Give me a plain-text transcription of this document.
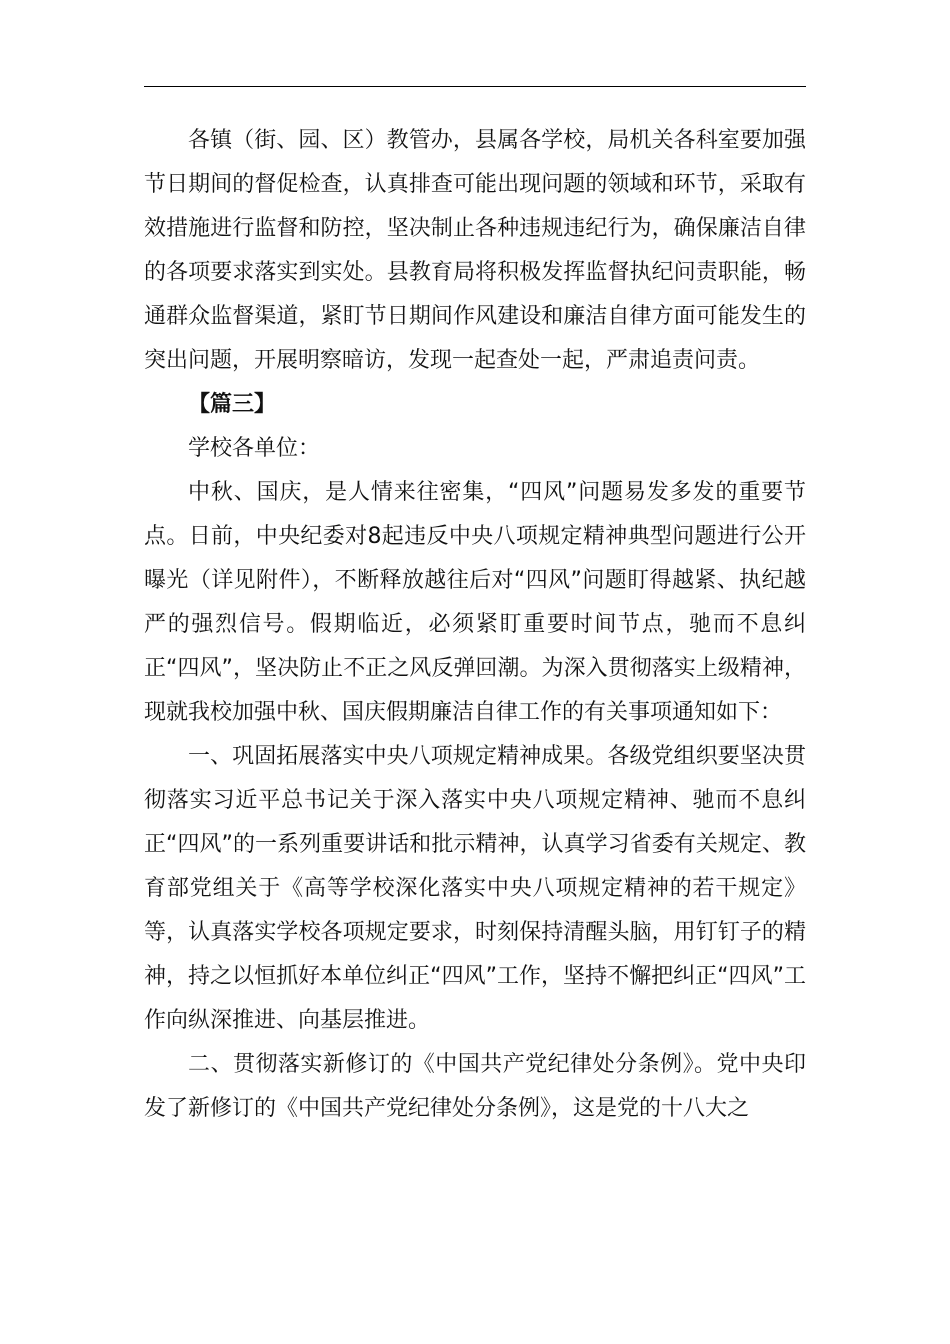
各镇（街、园、区）教管办，县属各学校，局机关各科室要加强节日期间的督促检查，认真排查可能出现问题的领域和环节，采取有效措施进行监督和防控，坚决制止各种违规违纪行为，确保廉洁自律的各项要求落实到实处。县教育局将积极发挥监督执纪问责职能，畅通群众监督渠道，紧盯节日期间作风建设和廉洁自律方面可能发生的突出问题，开展明察暗访，发现一起查处一起，严肃追责问责。

【篇三】

学校各单位：

中秋、国庆，是人情来往密集，“四风”问题易发多发的重要节点。日前，中央纪委对8起违反中央八项规定精神典型问题进行公开曝光（详见附件），不断释放越往后对“四风”问题盯得越紧、执纪越严的强烈信号。假期临近，必须紧盯重要时间节点，驰而不息纠正“四风”，坚决防止不正之风反弹回潮。为深入贯彻落实上级精神，现就我校加强中秋、国庆假期廉洁自律工作的有关事项通知如下：

一、巩固拓展落实中央八项规定精神成果。各级党组织要坚决贯彻落实习近平总书记关于深入落实中央八项规定精神、驰而不息纠正“四风”的一系列重要讲话和批示精神，认真学习省委有关规定、教育部党组关于《高等学校深化落实中央八项规定精神的若干规定》等，认真落实学校各项规定要求，时刻保持清醒头脑，用钉钉子的精神，持之以恒抓好本单位纠正“四风”工作，坚持不懈把纠正“四风”工作向纵深推进、向基层推进。

二、贯彻落实新修订的《中国共产党纪律处分条例》。党中央印发了新修订的《中国共产党纪律处分条例》，这是党的十八大之
